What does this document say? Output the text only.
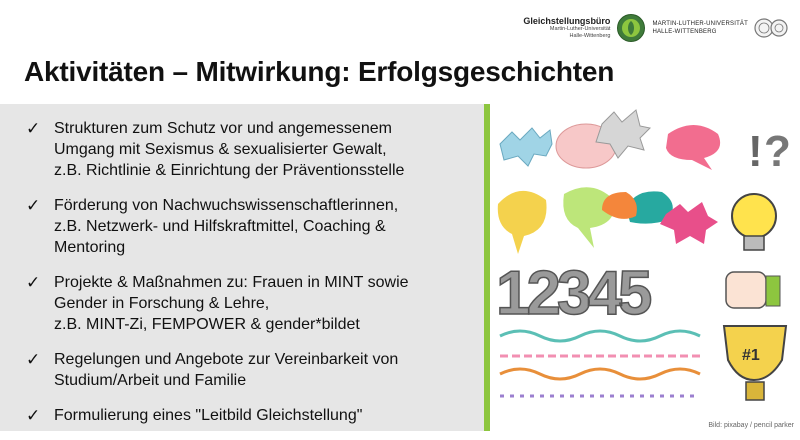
Gleichstellungsbüro
Martin-Luther-Universität
Halle-Wittenberg
MARTIN-LUTHER-UNIVERSITÄT
HALLE-WITTENBERG
Aktivitäten – Mitwirkung: Erfolgsgeschichten
✓ Strukturen zum Schutz vor und angemessenem
Umgang mit Sexismus & sexualisierter Gewalt,
z.B. Richtlinie & Einrichtung der Präventionsstelle
✓ Förderung von Nachwuchswissenschaftlerinnen,
z.B. Netzwerk- und Hilfskraftmittel, Coaching &
Mentoring
✓ Projekte & Maßnahmen zu: Frauen in MINT sowie
Gender in Forschung & Lehre,
z.B. MINT-Zi, FEMPOWER & gender*bildet
✓ Regelungen und Angebote zur Vereinbarkeit von
Studium/Arbeit und Familie
✓ Formulierung eines "Leitbild Gleichstellung"
! ?
12345
#1
Bild: pixabay / pencil parker
